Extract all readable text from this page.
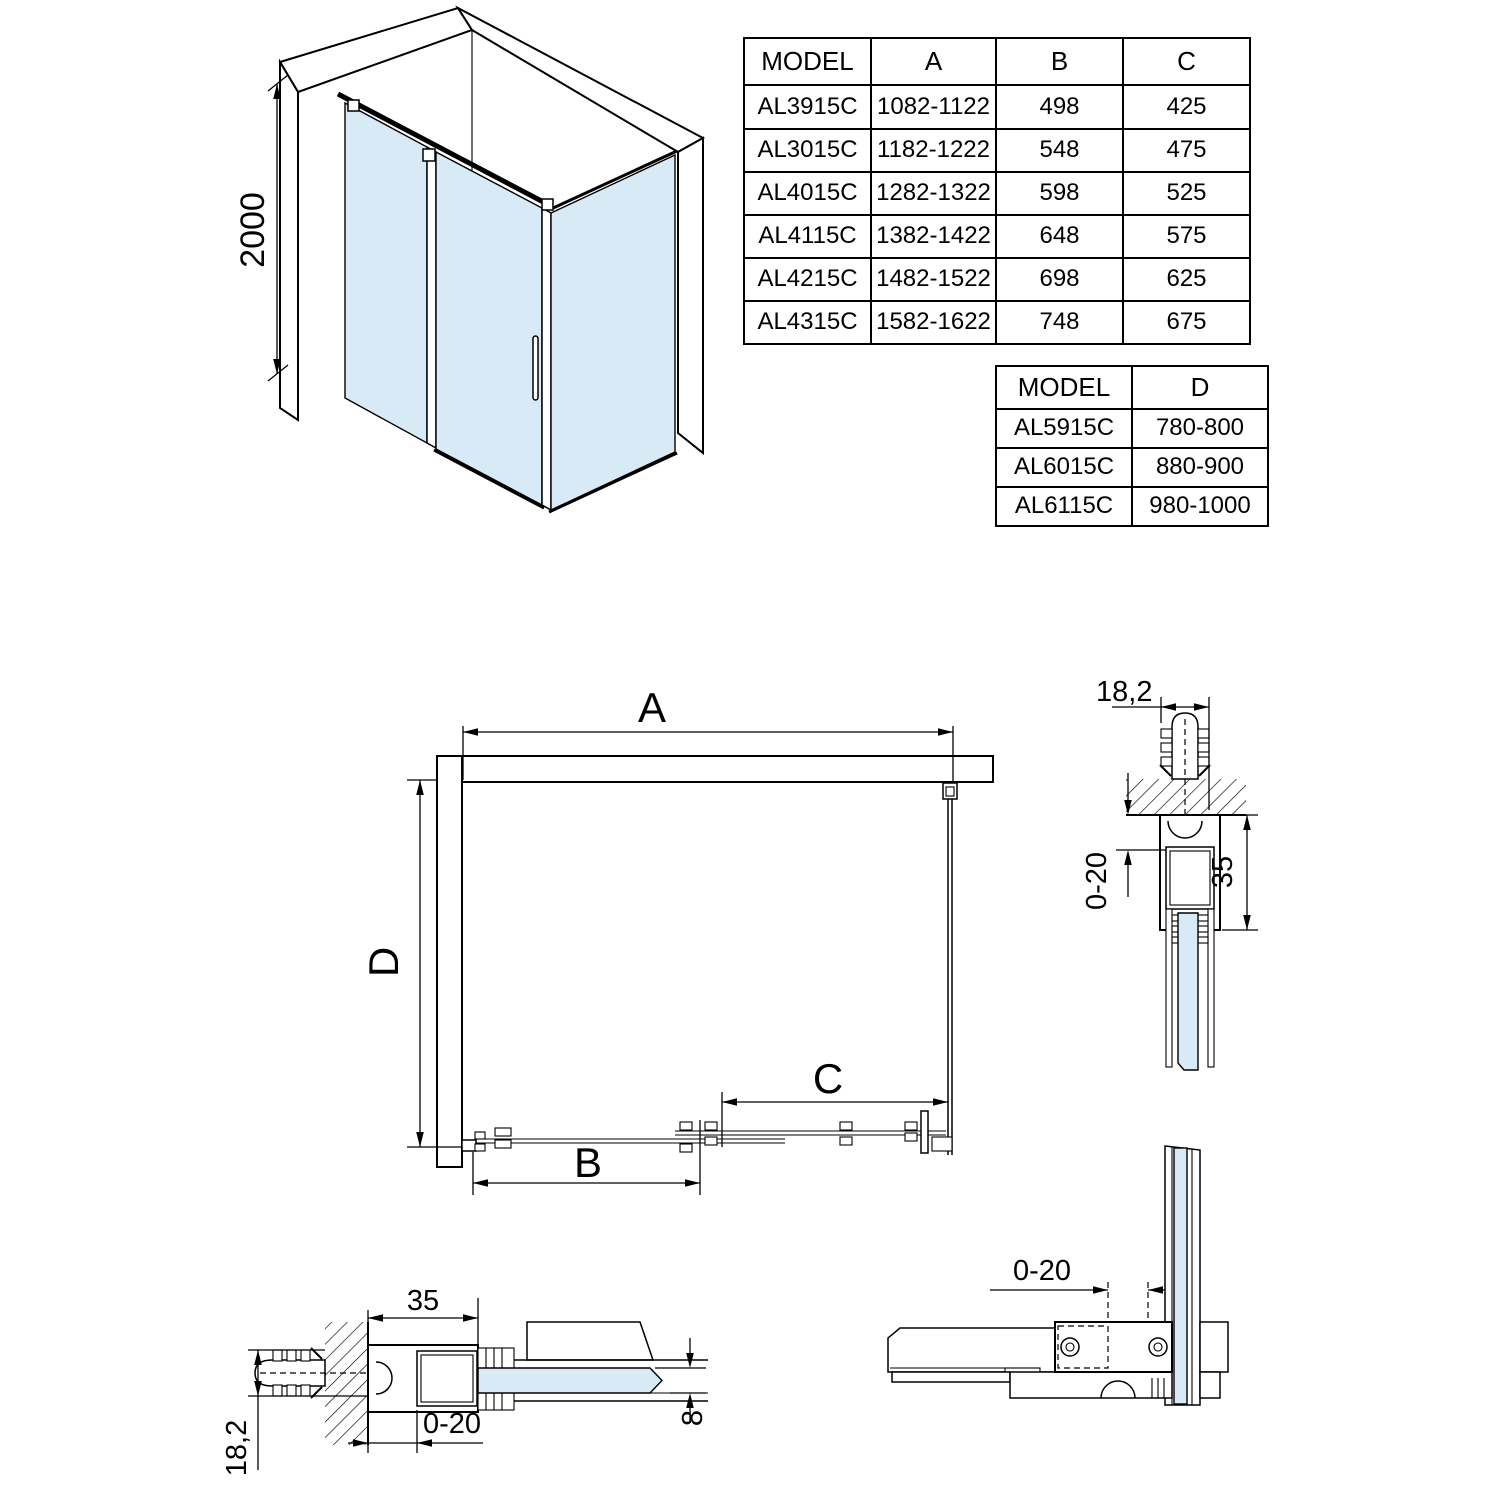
2000
MODEL	A	B	C
AL3915C	1082-1122	498	425
AL3015C	1182-1222	548	475
AL4015C	1282-1322	598	525
AL4115C	1382-1422	648	575
AL4215C	1482-1522	698	625
AL4315C	1582-1622	748	675
MODEL	D
AL5915C	780-800
AL6015C	880-900
AL6115C	980-1000
A
D
C
B
18,2
0-20	35
18,2
35
0-20	8
0-20
